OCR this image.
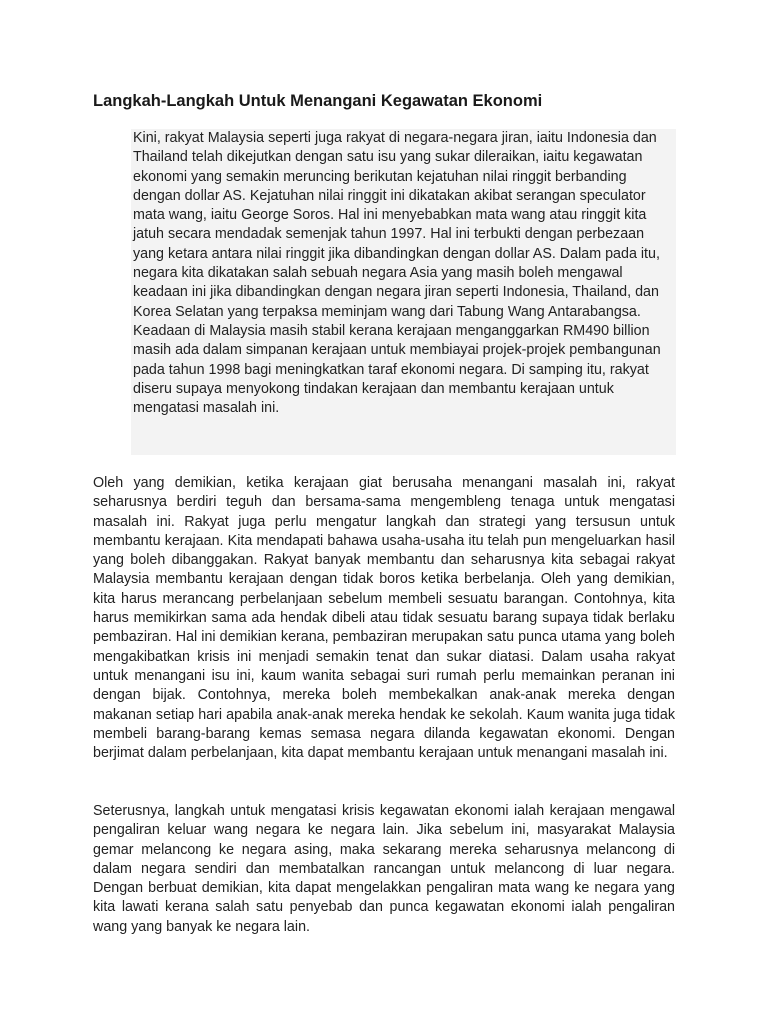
Langkah-Langkah Untuk Menangani Kegawatan Ekonomi

Kini, rakyat Malaysia seperti juga rakyat di negara-negara jiran, iaitu Indonesia dan Thailand telah dikejutkan dengan satu isu yang sukar dileraikan, iaitu kegawatan ekonomi yang semakin meruncing berikutan kejatuhan nilai ringgit berbanding dengan dollar AS. Kejatuhan nilai ringgit ini dikatakan akibat serangan speculator mata wang, iaitu George Soros. Hal ini menyebabkan mata wang atau ringgit kita jatuh secara mendadak semenjak tahun 1997. Hal ini terbukti dengan perbezaan yang ketara antara nilai ringgit jika dibandingkan dengan dollar AS. Dalam pada itu, negara kita dikatakan salah sebuah negara Asia yang masih boleh mengawal keadaan ini jika dibandingkan dengan negara jiran seperti Indonesia, Thailand, dan Korea Selatan yang terpaksa meminjam wang dari Tabung Wang Antarabangsa. Keadaan di Malaysia masih stabil kerana kerajaan menganggarkan RM490 billion masih ada dalam simpanan kerajaan untuk membiayai projek-projek pembangunan pada tahun 1998 bagi meningkatkan taraf ekonomi negara. Di samping itu, rakyat diseru supaya menyokong tindakan kerajaan dan membantu kerajaan untuk mengatasi masalah ini.

Oleh yang demikian, ketika kerajaan giat berusaha menangani masalah ini, rakyat seharusnya berdiri teguh dan bersama-sama mengembleng tenaga untuk mengatasi masalah ini. Rakyat juga perlu mengatur langkah dan strategi yang tersusun untuk membantu kerajaan. Kita mendapati bahawa usaha-usaha itu telah pun mengeluarkan hasil yang boleh dibanggakan. Rakyat banyak membantu dan seharusnya kita sebagai rakyat Malaysia membantu kerajaan dengan tidak boros ketika berbelanja. Oleh yang demikian, kita harus merancang perbelanjaan sebelum membeli sesuatu barangan. Contohnya, kita harus memikirkan sama ada hendak dibeli atau tidak sesuatu barang supaya tidak berlaku pembaziran. Hal ini demikian kerana, pembaziran merupakan satu punca utama yang boleh mengakibatkan krisis ini menjadi semakin tenat dan sukar diatasi. Dalam usaha rakyat untuk menangani isu ini, kaum wanita sebagai suri rumah perlu memainkan peranan ini dengan bijak. Contohnya, mereka boleh membekalkan anak-anak mereka dengan makanan setiap hari apabila anak-anak mereka hendak ke sekolah. Kaum wanita juga tidak membeli barang-barang kemas semasa negara dilanda kegawatan ekonomi. Dengan berjimat dalam perbelanjaan, kita dapat membantu kerajaan untuk menangani masalah ini.

Seterusnya, langkah untuk mengatasi krisis kegawatan ekonomi ialah kerajaan mengawal pengaliran keluar wang negara ke negara lain. Jika sebelum ini, masyarakat Malaysia gemar melancong ke negara asing, maka sekarang mereka seharusnya melancong di dalam negara sendiri dan membatalkan rancangan untuk melancong di luar negara. Dengan berbuat demikian, kita dapat mengelakkan pengaliran mata wang ke negara yang kita lawati kerana salah satu penyebab dan punca kegawatan ekonomi ialah pengaliran wang yang banyak ke negara lain.
